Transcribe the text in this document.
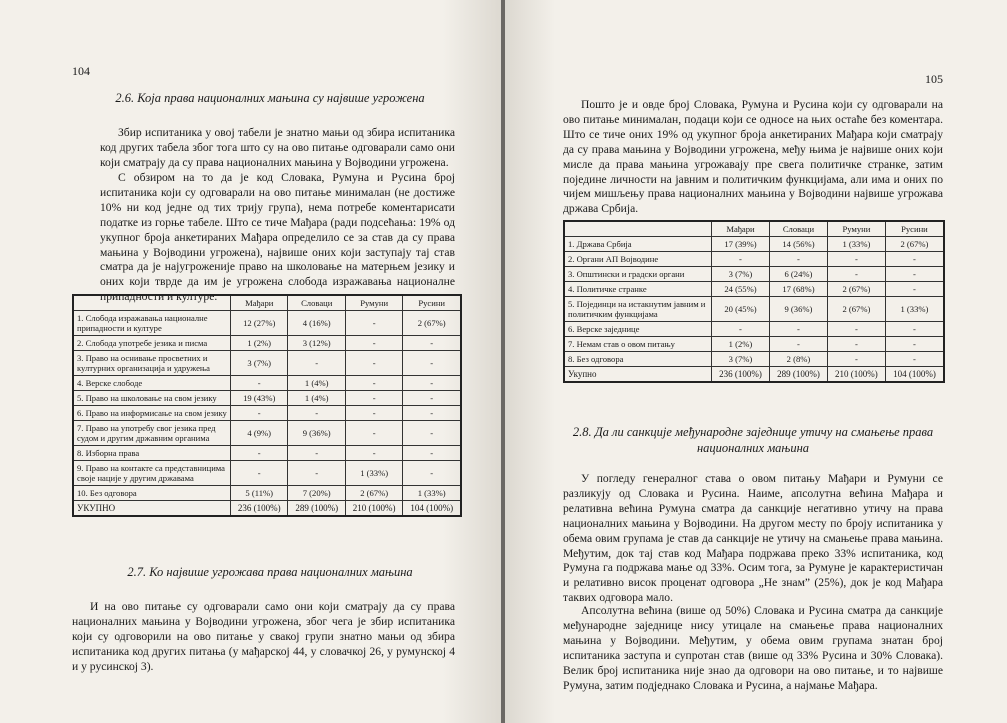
104
2.6. Која права националних мањина су највише угрожена
Збир испитаника у овој табели је знатно мањи од збира испитаника код других табела због тога што су на ово питање одговарали само они који сматрају да су права националних мањина у Војводини угрожена.
С обзиром на то да је код Словака, Румуна и Русина број испитаника који су одговарали на ово питање минималан (не достиже 10% ни код једне од тих трију група), нема потребе коментарисати податке из горње табеле. Што се тиче Мађара (ради подсећања: 19% од укупног броја анкетираних Мађара определило се за став да су права мањина у Војводини угрожена), највише оних који заступају тај став сматра да је најугроженије право на школовање на матерњем језику и оних који тврде да им је угрожена слобода изражавања националне припадности и културе.
		Мађари	Словаци	Румуни	Русини
1. Слобода изражавања националне припадности и културе	12 (27%)	4 (16%)	-	2 (67%)
2. Слобода употребе језика и писма	1 (2%)	3 (12%)	-	-
3. Право на оснивање просветних и културних организација и удружења	3 (7%)	-	-	-
4. Верске слободе	-	1 (4%)	-	-
5. Право на школовање на свом језику	19 (43%)	1 (4%)	-	-
6. Право на информисање на свом језику	-	-	-	-
7. Право на употребу свог језика пред судом и другим државним органима	4 (9%)	9 (36%)	-	-
8. Изборна права	-	-	-	-
9. Право на контакте са представницима своје нације у другим државама	-	-	1 (33%)	-
10. Без одговора	5 (11%)	7 (20%)	2 (67%)	1 (33%)
УКУПНО	236 (100%)	289 (100%)	210 (100%)	104 (100%)
2.7. Ко највише угрожава права националних мањина
И на ово питање су одговарали само они који сматрају да су права националних мањина у Војводини угрожена, због чега је збир испитаника који су одговорили на ово питање у свакој групи знатно мањи од збира испитаника код других питања (у мађарској 44, у словачкој 26, у румунској 4 и у русинској 3).
105
Пошто је и овде број Словака, Румуна и Русина који су одговарали на ово питање минималан, подаци који се односе на њих остаће без коментара. Што се тиче оних 19% од укупног броја анкетираних Мађара који сматрају да су права мањина у Војводини угрожена, међу њима је највише оних који мисле да права мањина угрожавају пре свега политичке странке, затим поједине личности на јавним и политичким функцијама, али има и оних по чијем мишљењу права националних мањина у Војводини највише угрожава држава Србија.
	Мађари	Словаци	Румуни	Русини
1. Држава Србија	17 (39%)	14 (56%)	1 (33%)	2 (67%)
2. Органи АП Војводине	-	-	-	-
3. Општински и градски органи	3 (7%)	6 (24%)	-	-
4. Политичке странке	24 (55%)	17 (68%)	2 (67%)	-
5. Појединци на истакнутим јавним и политичким функцијама	20 (45%)	9 (36%)	2 (67%)	1 (33%)
6. Верске заједнице	-	-	-	-
7. Немам став о овом питању	1 (2%)	-	-	-
8. Без одговора	3 (7%)	2 (8%)	-	-
Укупно	236 (100%)	289 (100%)	210 (100%)	104 (100%)
2.8. Да ли санкције међународне заједнице утичу на смањење права
националних мањина
У погледу генералног става о овом питању Мађари и Румуни се разликују од Словака и Русина. Наиме, апсолутна већина Мађара и релативна већина Румуна сматра да санкције негативно утичу на права националних мањина у Војводини. На другом месту по броју испитаника у обема овим групама је став да санкције не утичу на смањење права мањина. Међутим, док тај став код Мађара подржава преко 33% испитаника, код Румуна га подржава мање од 33%. Осим тога, за Румуне је карактеристичан и релативно висок проценат одговора „Не знам” (25%), док је код Мађара таквих одговора мало.
Апсолутна већина (више од 50%) Словака и Русина сматра да санкције међународне заједнице нису утицале на смањење права националних мањина у Војводини. Међутим, у обема овим групама знатан број испитаника заступа и супротан став (више од 33% Русина и 30% Словака). Велик број испитаника није знао да одговори на ово питање, и то највише Румуна, затим подједнако Словака и Русина, а најмање Мађара.
